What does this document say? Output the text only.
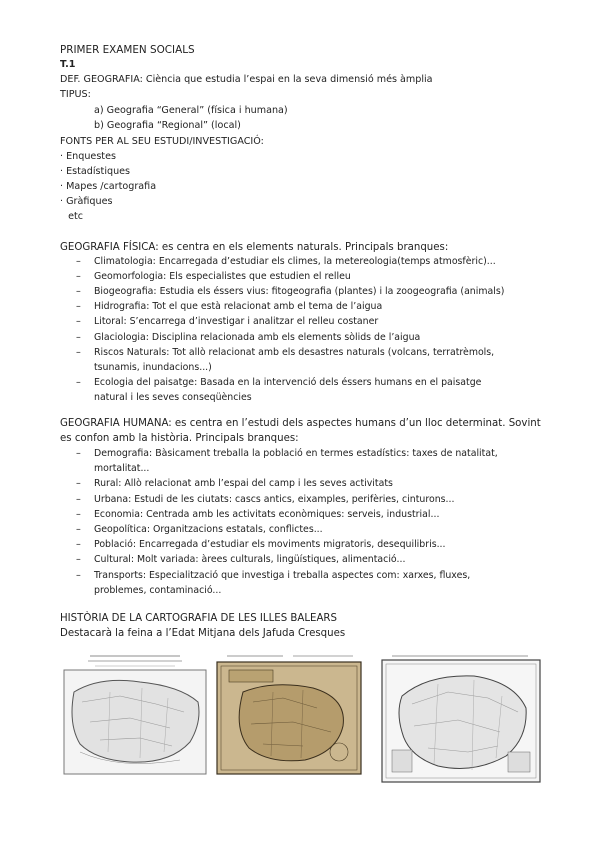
PRIMER EXAMEN SOCIALS
T.1
DEF. GEOGRAFIA: Ciència que estudia l’espai en la seva dimensió més àmplia
TIPUS:
a) Geografia “General” (física i humana)
b) Geografia “Regional” (local)
FONTS PER AL SEU ESTUDI/INVESTIGACIÓ:
· Enquestes
· Estadístiques
· Mapes /cartografia
· Gràfiques
etc
GEOGRAFIA FÍSICA: es centra en els elements naturals. Principals branques:
– Climatologia: Encarregada d’estudiar els climes, la metereologia(temps atmosfèric)...
– Geomorfologia: Els especialistes que estudien el relleu
– Biogeografia: Estudia els éssers vius: fitogeografia (plantes) i la zoogeografia (animals)
– Hidrografia: Tot el que està relacionat amb el tema de l’aigua
– Litoral: S’encarrega d’investigar i analitzar el relleu costaner
– Glaciologia: Disciplina relacionada amb els elements sòlids de l’aigua
– Riscos Naturals: Tot allò relacionat amb els desastres naturals (volcans, terratrèmols,
tsunamis, inundacions...)
– Ecologia del paisatge: Basada en la intervenció dels éssers humans en el paisatge
natural i les seves conseqüències
GEOGRAFIA HUMANA: es centra en l’estudi dels aspectes humans d’un lloc determinat. Sovint
es confon amb la història. Principals branques:
– Demografia: Bàsicament treballa la població en termes estadístics: taxes de natalitat,
mortalitat...
– Rural: Allò relacionat amb l’espai del camp i les seves activitats
– Urbana: Estudi de les ciutats: cascs antics, eixamples, perifèries, cinturons...
– Economia: Centrada amb les activitats econòmiques: serveis, industrial...
– Geopolítica: Organitzacions estatals, conflictes...
– Població: Encarregada d’estudiar els moviments migratoris, desequilibris...
– Cultural: Molt variada: àrees culturals, lingüístiques, alimentació...
– Transports: Especialització que investiga i treballa aspectes com: xarxes, fluxes,
problemes, contaminació...
HISTÒRIA DE LA CARTOGRAFIA DE LES ILLES BALEARS
Destacarà la feina a l’Edat Mitjana dels Jafuda Cresques
